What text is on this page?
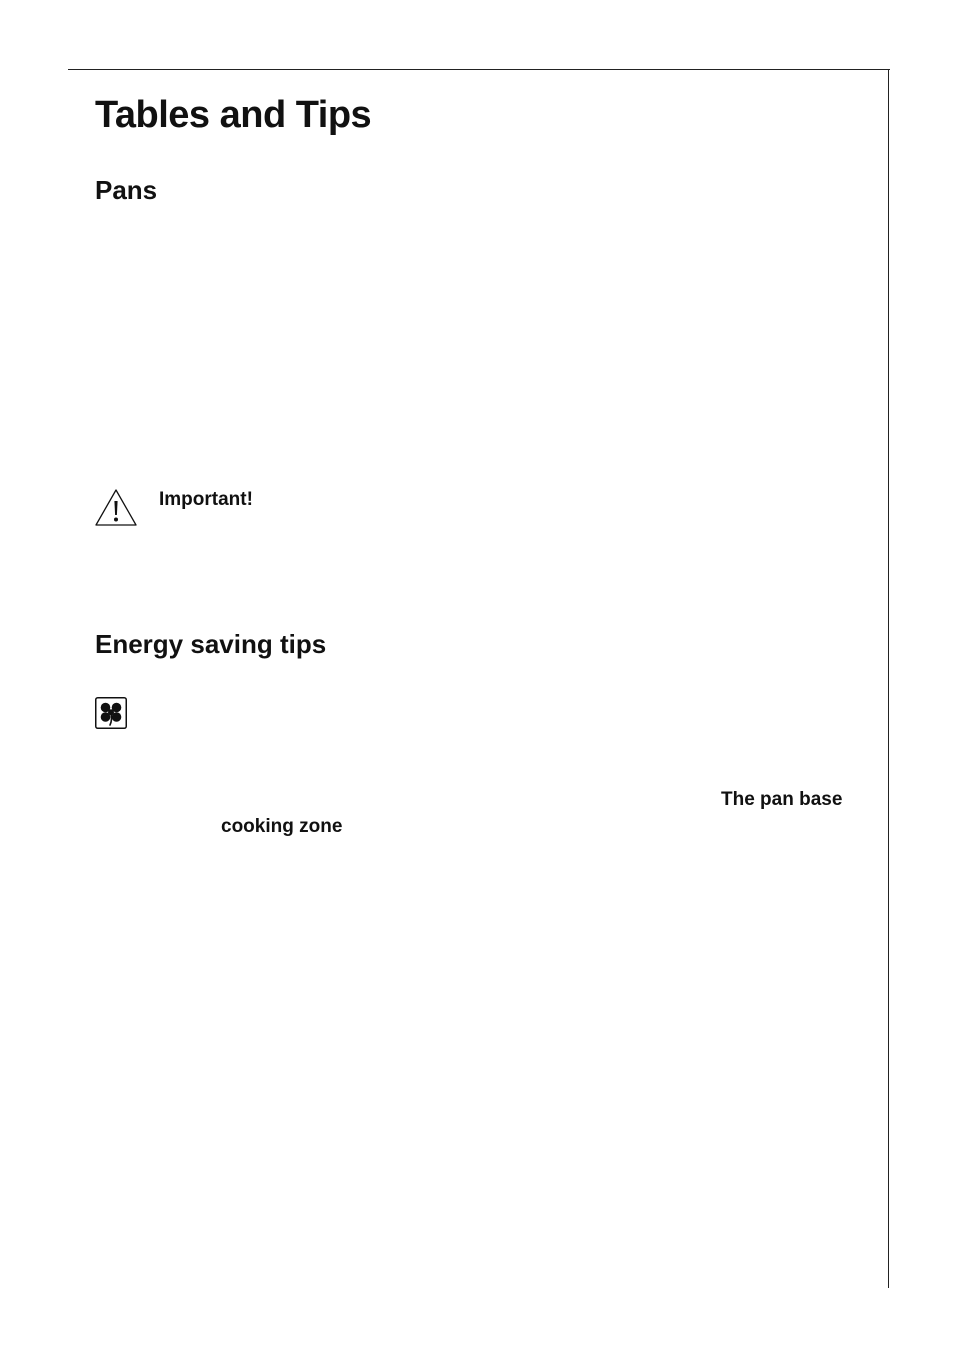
Tables and Tips
Pans
Important!
Energy saving tips
The pan base
cooking zone
